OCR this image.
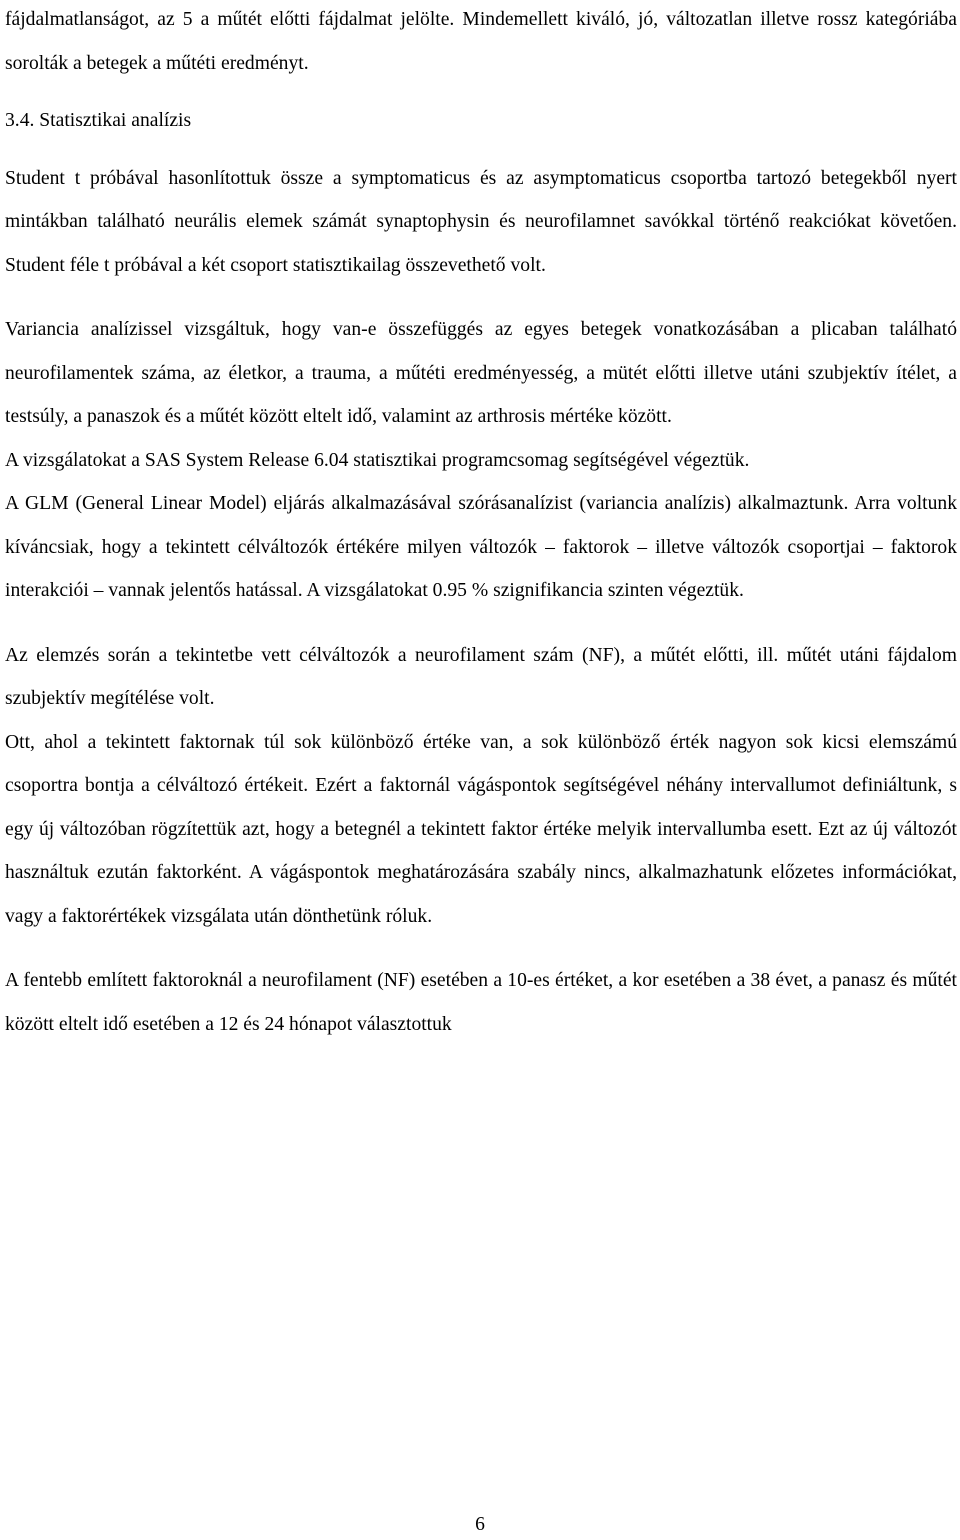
fájdalmatlanságot, az 5 a műtét előtti fájdalmat jelölte. Mindemellett kiváló, jó, változatlan illetve rossz kategóriába sorolták a betegek a műtéti eredményt.

3.4. Statisztikai analízis

Student t próbával hasonlítottuk össze a symptomaticus és az asymptomaticus csoportba tartozó betegekből nyert mintákban található neurális elemek számát synaptophysin és neurofilamnet savókkal történő reakciókat követően. Student féle t próbával a két csoport statisztikailag összevethető volt.

Variancia analízissel vizsgáltuk, hogy van-e összefüggés az egyes betegek vonatkozásában a plicaban található neurofilamentek száma, az életkor, a trauma, a műtéti eredményesség, a mütét előtti illetve utáni szubjektív ítélet, a testsúly, a panaszok és a műtét között eltelt idő, valamint az arthrosis mértéke között.

A vizsgálatokat a SAS System Release 6.04 statisztikai programcsomag segítségével végeztük.

A GLM (General Linear Model) eljárás alkalmazásával szórásanalízist (variancia analízis) alkalmaztunk. Arra voltunk kíváncsiak, hogy a tekintett célváltozók értékére milyen változók – faktorok – illetve változók csoportjai – faktorok interakciói – vannak jelentős hatással. A vizsgálatokat 0.95 % szignifikancia szinten végeztük.

Az elemzés során a tekintetbe vett célváltozók a neurofilament szám (NF), a műtét előtti, ill. műtét utáni fájdalom szubjektív megítélése volt.

Ott, ahol a tekintett faktornak túl sok különböző értéke van, a sok különböző érték nagyon sok kicsi elemszámú csoportra bontja a célváltozó értékeit. Ezért a faktornál vágáspontok segítségével néhány intervallumot definiáltunk, s egy új változóban rögzítettük azt, hogy a betegnél a tekintett faktor értéke melyik intervallumba esett. Ezt az új változót használtuk ezután faktorként. A vágáspontok meghatározására szabály nincs, alkalmazhatunk előzetes információkat, vagy a faktorértékek vizsgálata után dönthetünk róluk.

A fentebb említett faktoroknál a neurofilament (NF) esetében a 10-es értéket, a kor esetében a 38 évet, a panasz és műtét között eltelt idő esetében a 12 és 24 hónapot választottuk

6
